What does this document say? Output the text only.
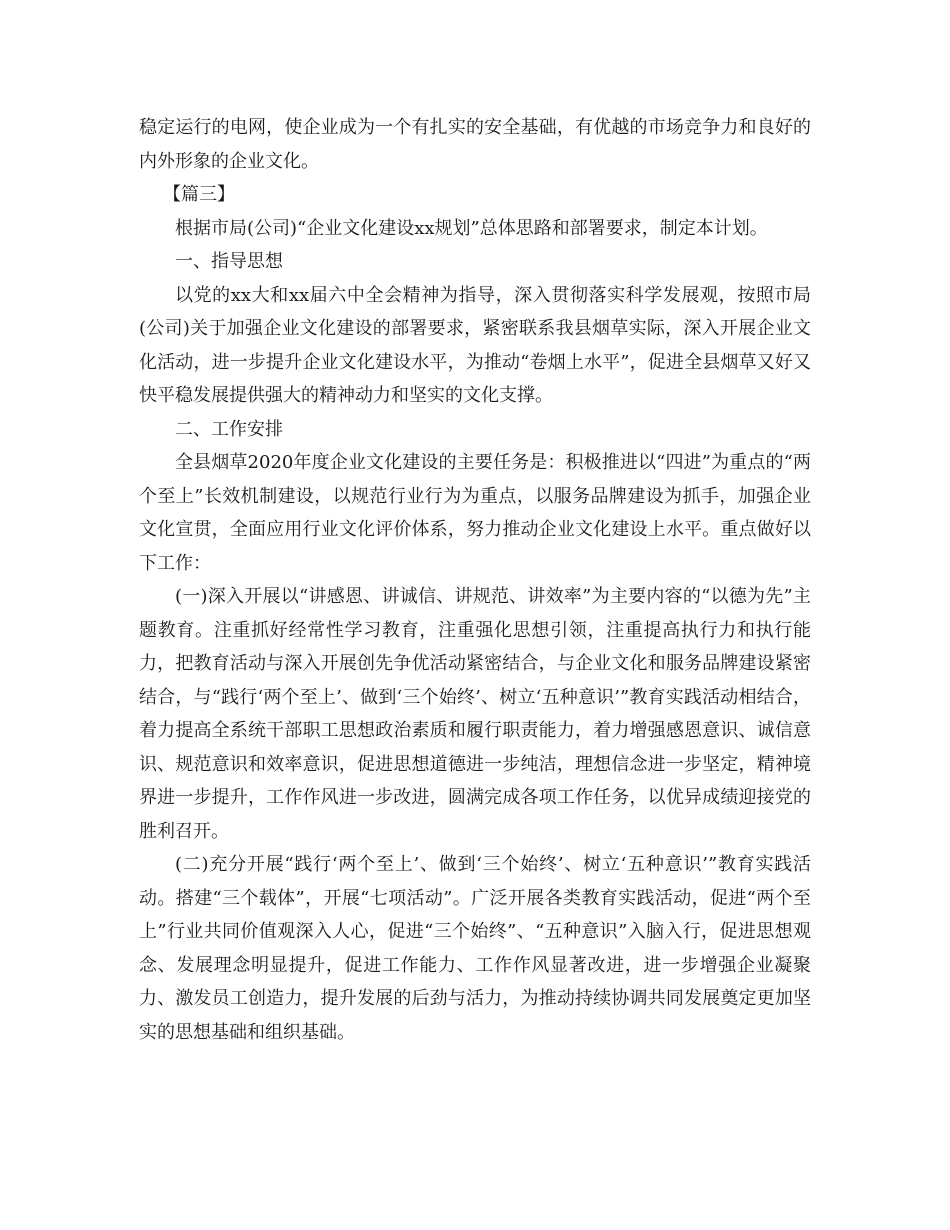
稳定运行的电网，使企业成为一个有扎实的安全基础，有优越的市场竞争力和良好的内外形象的企业文化。

【篇三】

根据市局(公司)“企业文化建设xx规划”总体思路和部署要求，制定本计划。

一、指导思想

以党的xx大和xx届六中全会精神为指导，深入贯彻落实科学发展观，按照市局(公司)关于加强企业文化建设的部署要求，紧密联系我县烟草实际，深入开展企业文化活动，进一步提升企业文化建设水平，为推动“卷烟上水平”，促进全县烟草又好又快平稳发展提供强大的精神动力和坚实的文化支撑。

二、工作安排

全县烟草2020年度企业文化建设的主要任务是：积极推进以“四进”为重点的“两个至上”长效机制建设，以规范行业行为为重点，以服务品牌建设为抓手，加强企业文化宣贯，全面应用行业文化评价体系，努力推动企业文化建设上水平。重点做好以下工作：

(一)深入开展以“讲感恩、讲诚信、讲规范、讲效率”为主要内容的“以德为先”主题教育。注重抓好经常性学习教育，注重强化思想引领，注重提高执行力和执行能力，把教育活动与深入开展创先争优活动紧密结合，与企业文化和服务品牌建设紧密结合，与“践行‘两个至上’、做到‘三个始终’、树立‘五种意识’”教育实践活动相结合，着力提高全系统干部职工思想政治素质和履行职责能力，着力增强感恩意识、诚信意识、规范意识和效率意识，促进思想道德进一步纯洁，理想信念进一步坚定，精神境界进一步提升，工作作风进一步改进，圆满完成各项工作任务，以优异成绩迎接党的胜利召开。

(二)充分开展“践行‘两个至上’、做到‘三个始终’、树立‘五种意识’”教育实践活动。搭建“三个载体”，开展“七项活动”。广泛开展各类教育实践活动，促进“两个至上”行业共同价值观深入人心，促进“三个始终”、“五种意识”入脑入行，促进思想观念、发展理念明显提升，促进工作能力、工作作风显著改进，进一步增强企业凝聚力、激发员工创造力，提升发展的后劲与活力，为推动持续协调共同发展奠定更加坚实的思想基础和组织基础。
